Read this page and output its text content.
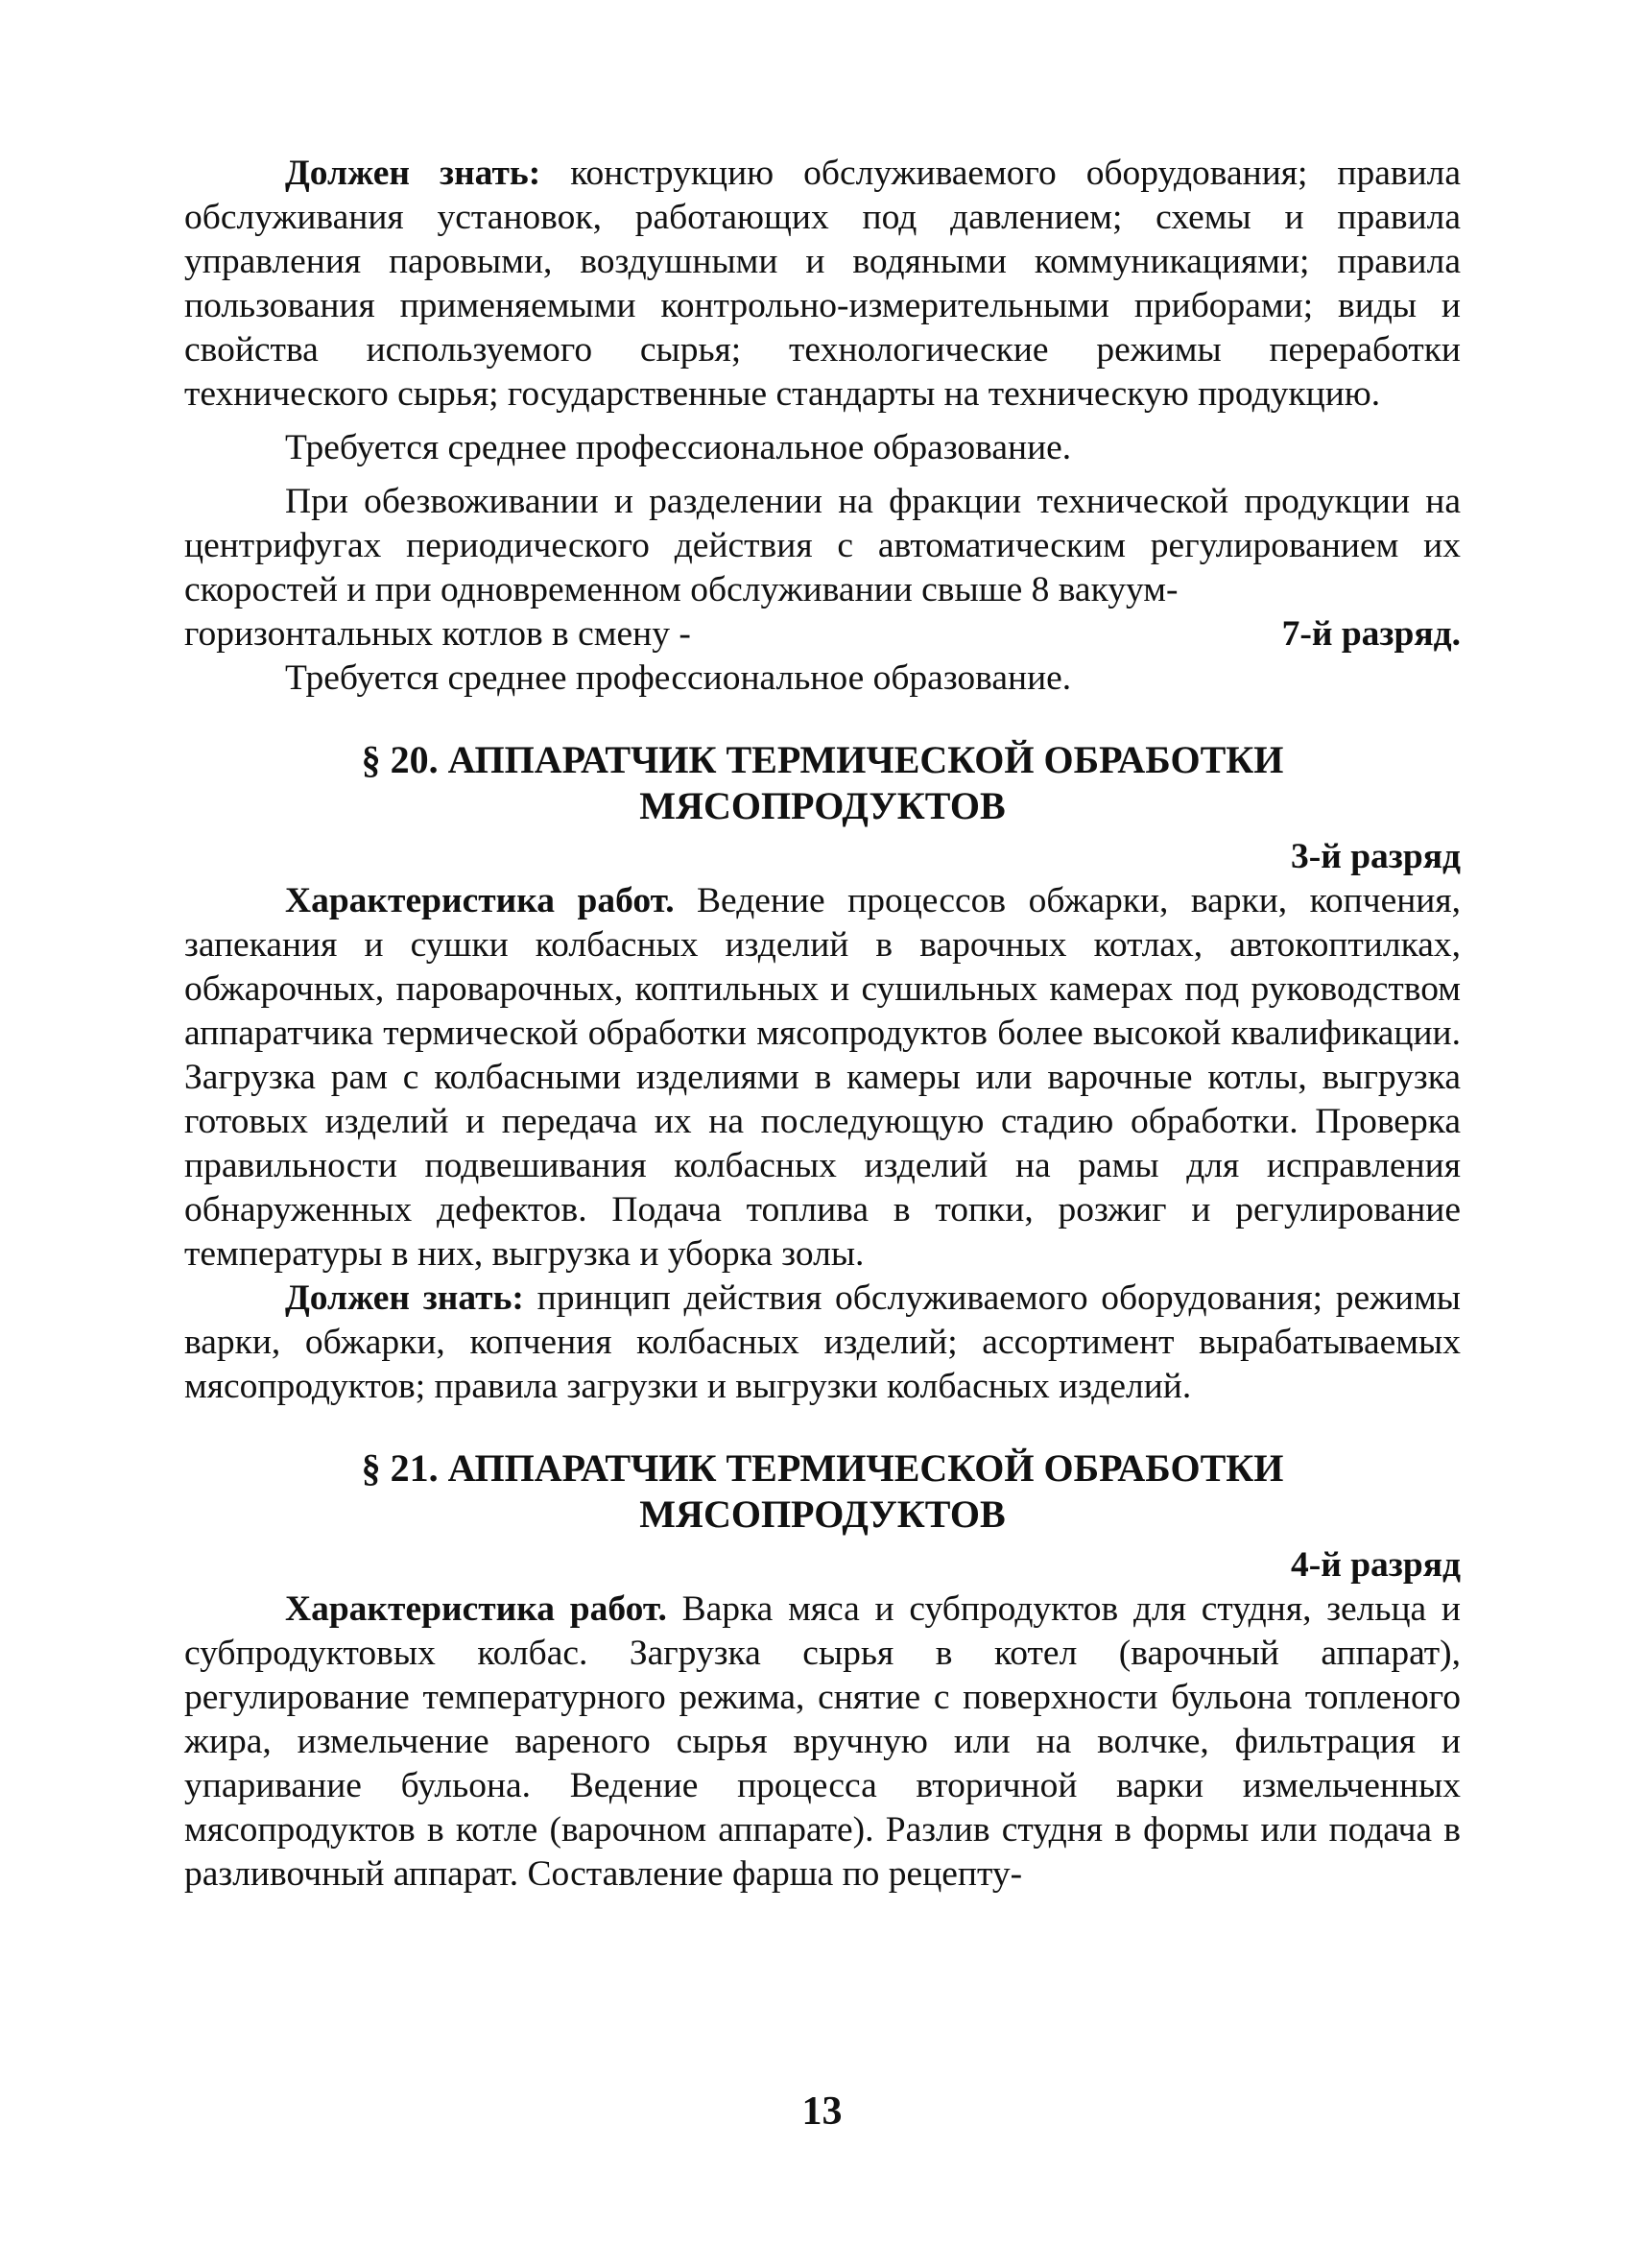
Должен знать: конструкцию обслуживаемого оборудования; правила обслуживания установок, работающих под давлением; схемы и правила управления паровыми, воздушными и водяными коммуникациями; правила пользования применяемыми контрольно-измерительными приборами; виды и свойства используемого сырья; технологические режимы переработки технического сырья; государственные стандарты на техническую продукцию.

Требуется среднее профессиональное образование.

При обезвоживании и разделении на фракции технической продукции на центрифугах периодического действия с автоматическим регулированием их скоростей и при одновременном обслуживании свыше 8 вакуум-

горизонтальных котлов в смену -	7-й разряд.

Требуется среднее профессиональное образование.

§ 20. АППАРАТЧИК ТЕРМИЧЕСКОЙ ОБРАБОТКИ
МЯСОПРОДУКТОВ
3-й разряд

Характеристика работ. Ведение процессов обжарки, варки, копчения, запекания и сушки колбасных изделий в варочных котлах, автокоптилках, обжарочных, пароварочных, коптильных и сушильных камерах под руководством аппаратчика термической обработки мясопродуктов более высокой квалификации. Загрузка рам с колбасными изделиями в камеры или варочные котлы, выгрузка готовых изделий и передача их на последующую стадию обработки. Проверка правильности подвешивания колбасных изделий на рамы для исправления обнаруженных дефектов. Подача топлива в топки, розжиг и регулирование температуры в них, выгрузка и уборка золы.

Должен знать: принцип действия обслуживаемого оборудования; режимы варки, обжарки, копчения колбасных изделий; ассортимент вырабатываемых мясопродуктов; правила загрузки и выгрузки колбасных изделий.

§ 21. АППАРАТЧИК ТЕРМИЧЕСКОЙ ОБРАБОТКИ
МЯСОПРОДУКТОВ
4-й разряд

Характеристика работ. Варка мяса и субпродуктов для студня, зельца и субпродуктовых колбас. Загрузка сырья в котел (варочный аппарат), регулирование температурного режима, снятие с поверхности бульона топленого жира, измельчение вареного сырья вручную или на волчке, фильтрация и упаривание бульона. Ведение процесса вторичной варки измельченных мясопродуктов в котле (варочном аппарате). Разлив студня в формы или подача в разливочный аппарат. Составление фарша по рецепту-

13
